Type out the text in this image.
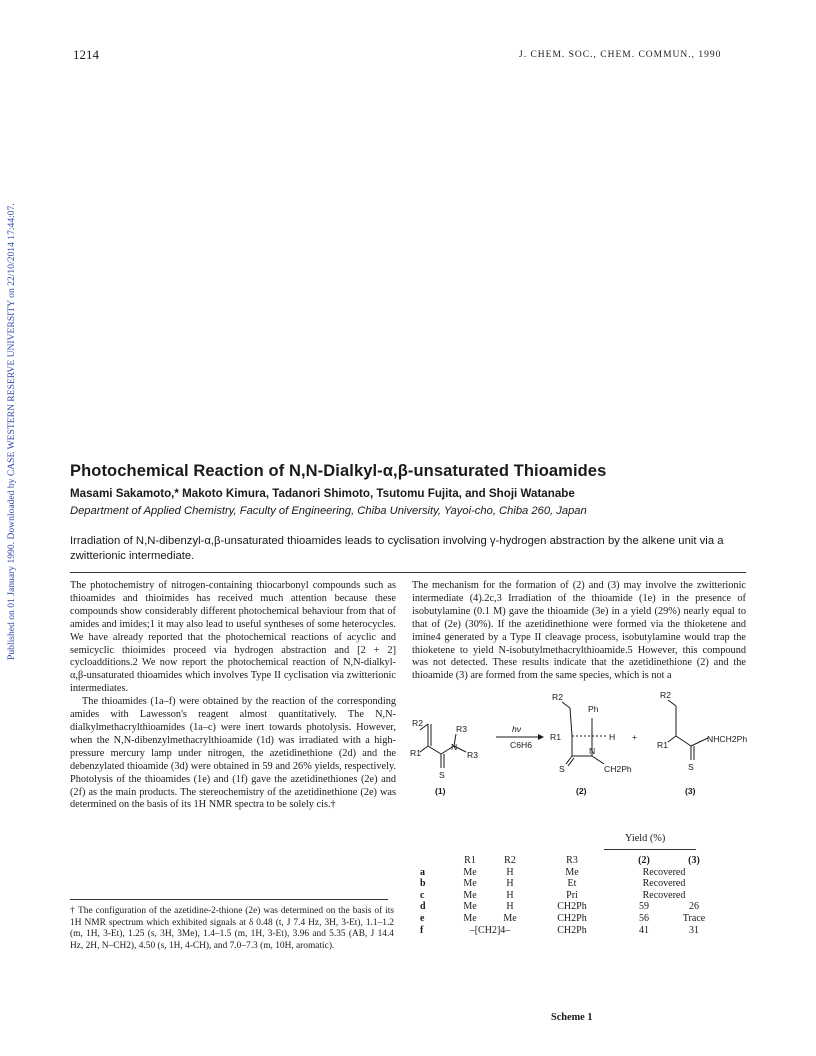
1214	J. CHEM. SOC., CHEM. COMMUN., 1990
Published on 01 January 1990. Downloaded by CASE WESTERN RESERVE UNIVERSITY on 22/10/2014 17:44:07.	Photochemical Reaction of N,N-Dialkyl-α,β-unsaturated Thioamides
Masami Sakamoto,* Makoto Kimura, Tadanori Shimoto, Tsutomu Fujita, and Shoji Watanabe
Department of Applied Chemistry, Faculty of Engineering, Chiba University, Yayoi-cho, Chiba 260, Japan
Irradiation of N,N-dibenzyl-α,β-unsaturated thioamides leads to cyclisation involving γ-hydrogen abstraction by the alkene unit via a zwitterionic intermediate.

The photochemistry of nitrogen-containing thiocarbonyl compounds such as thioamides and thioimides has received much attention because these compounds show considerably different photochemical behaviour from that of amides and imides;1 it may also lead to useful syntheses of some heterocycles. We have already reported that the photochemical reactions of acyclic and semicyclic thioimides proceed via hydrogen abstraction and [2 + 2] cycloadditions.2 We now report the photochemical reaction of N,N-dialkyl-α,β-unsaturated thioamides which involves Type II cyclisation via zwitterionic intermediates.

The thioamides (1a–f) were obtained by the reaction of the corresponding amides with Lawesson's reagent almost quantitatively. The N,N-dialkylmethacrylthioamides (1a–c) were inert towards photolysis. However, when the N,N-dibenzylmethacrylthioamide (1d) was irradiated with a high-pressure mercury lamp under nitrogen, the azetidinethione (2d) and the debenzylated thioamide (3d) were obtained in 59 and 26% yields, respectively. Photolysis of the thioamides (1e) and (1f) gave the azetidinethiones (2e) and (2f) as the main products. The stereochemistry of the azetidinethione (2e) was determined on the basis of its 1H NMR spectra to be solely cis.†

The mechanism for the formation of (2) and (3) may involve the zwitterionic intermediate (4).2c,3 Irradiation of the thioamide (1e) in the presence of isobutylamine (0.1 M) gave the thioamide (3e) in a yield (29%) nearly equal to that of (2e) (30%). If the azetidinethione were formed via the thioketene and imine4 generated by a Type II cleavage process, isobutylamine would trap the thioketene to yield N-isobutylmethacrylthioamide.5 However, this compound was not detected. These results indicate that the azetidinethione (2) and the thioamide (3) are formed from the same species, which is not a

† The configuration of the azetidine-2-thione (2e) was determined on the basis of its 1H NMR spectrum which exhibited signals at δ 0.48 (t, J 7.4 Hz, 3H, 3-Et), 1.1–1.2 (m, 1H, 3-Et), 1.25 (s, 3H, 3Me), 1.4–1.5 (m, 1H, 3-Et), 3.96 and 5.35 (AB, J 14.4 Hz, 2H, N–CH2), 4.50 (s, 1H, 4-CH), and 7.0–7.3 (m, 10H, aromatic).
R2
R3
R1
N
R3
S
(1)
hν
C6H6
R2
Ph
R1	H
N
S	CH2Ph
(2)
+
R2
R1
NHCH2Ph
S
(3)
Yield (%)
	R1	R2	R3	(2)	(3)
a	Me	H	Me	Recovered	
b	Me	H	Et	Recovered	
c	Me	H	Pri	Recovered	
d	Me	H	CH2Ph	59	26
e	Me	Me	CH2Ph	56	Trace
f	–[CH2]4–		CH2Ph	41	31
Scheme 1
